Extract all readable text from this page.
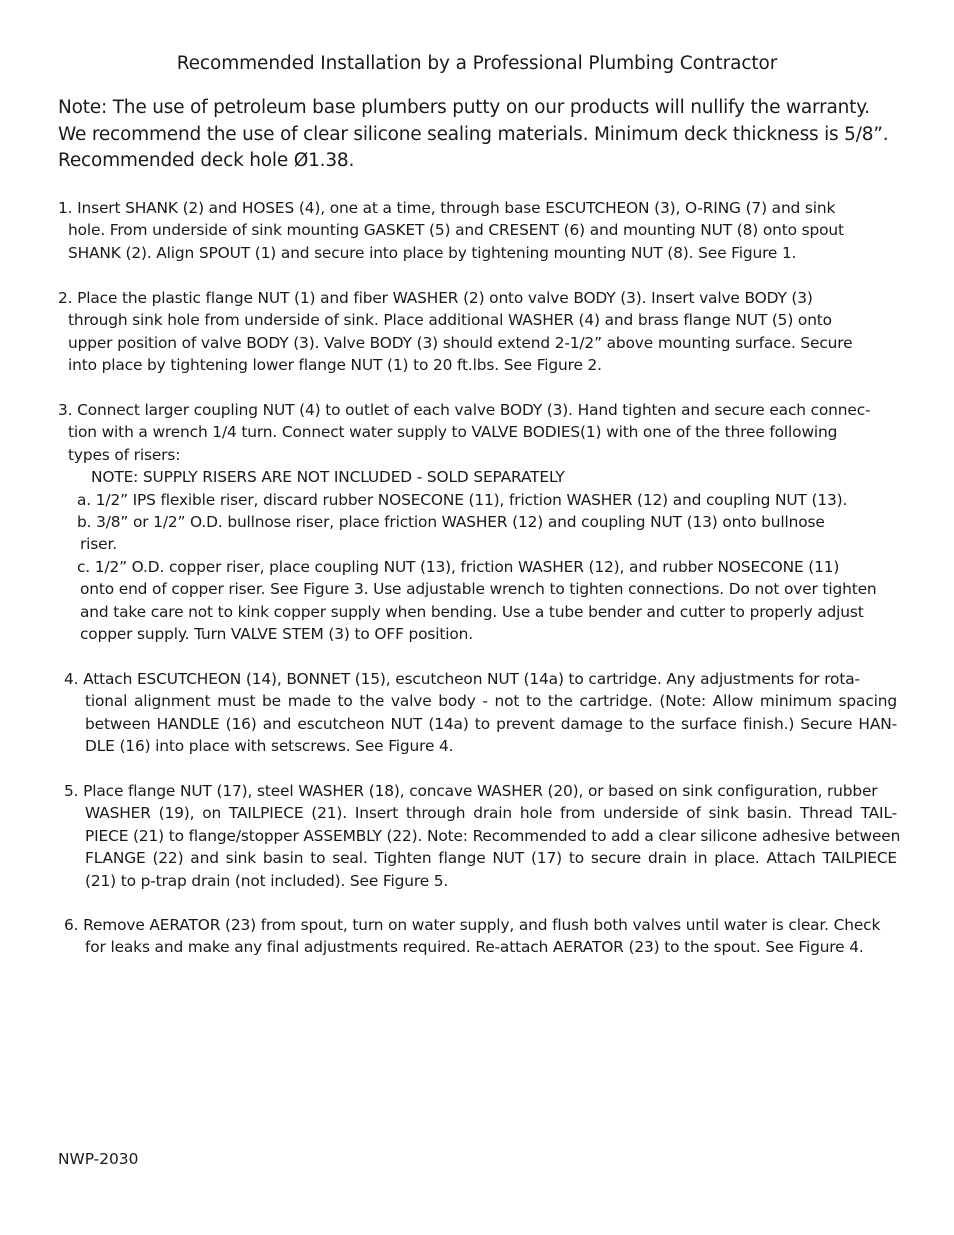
Recommended Installation by a Professional Plumbing Contractor
Note: The use of petroleum base plumbers putty on our products will nullify the warranty.
We recommend the use of clear silicone sealing materials. Minimum deck thickness is 5/8”.
Recommended deck hole Ø1.38.
1. Insert SHANK (2) and HOSES (4), one at a time, through base ESCUTCHEON (3), O-RING (7) and sink
hole. From underside of sink mounting GASKET (5) and CRESENT (6) and mounting NUT (8) onto spout
SHANK (2). Align SPOUT (1) and secure into place by tightening mounting NUT (8). See Figure 1.
2. Place the plastic flange NUT (1) and fiber WASHER (2) onto valve BODY (3). Insert valve BODY (3)
through sink hole from underside of sink. Place additional WASHER (4) and brass flange NUT (5) onto
upper position of valve BODY (3). Valve BODY (3) should extend 2-1/2” above mounting surface. Secure
into place by tightening lower flange NUT (1) to 20 ft.lbs. See Figure 2.
3. Connect larger coupling NUT (4) to outlet of each valve BODY (3). Hand tighten and secure each connec-
tion with a wrench 1/4 turn. Connect water supply to VALVE BODIES(1) with one of the three following
types of risers:
NOTE: SUPPLY RISERS ARE NOT INCLUDED - SOLD SEPARATELY
a. 1/2” IPS flexible riser, discard rubber NOSECONE (11), friction WASHER (12) and coupling NUT (13).
b. 3/8” or 1/2” O.D. bullnose riser, place friction WASHER (12) and coupling NUT (13) onto bullnose
riser.
c. 1/2” O.D. copper riser, place coupling NUT (13), friction WASHER (12), and rubber NOSECONE (11)
onto end of copper riser. See Figure 3. Use adjustable wrench to tighten connections. Do not over tighten
and take care not to kink copper supply when bending. Use a tube bender and cutter to properly adjust
copper supply. Turn VALVE STEM (3) to OFF position.
4. Attach ESCUTCHEON (14), BONNET (15), escutcheon NUT (14a) to cartridge. Any adjustments for rota-
tional alignment must be made to the valve body - not to the cartridge. (Note: Allow minimum spacing
between HANDLE (16) and escutcheon NUT (14a) to prevent damage to the surface finish.) Secure HAN-
DLE (16) into place with setscrews. See Figure 4.
5. Place flange NUT (17), steel WASHER (18), concave WASHER (20), or based on sink configuration, rubber
WASHER (19), on TAILPIECE (21). Insert through drain hole from underside of sink basin. Thread TAIL-
PIECE (21) to flange/stopper ASSEMBLY (22). Note: Recommended to add a clear silicone adhesive between
FLANGE (22) and sink basin to seal. Tighten flange NUT (17) to secure drain in place. Attach TAILPIECE
(21) to p-trap drain (not included). See Figure 5.
6. Remove AERATOR (23) from spout, turn on water supply, and flush both valves until water is clear. Check
for leaks and make any final adjustments required. Re-attach AERATOR (23) to the spout. See Figure 4.
NWP-2030
